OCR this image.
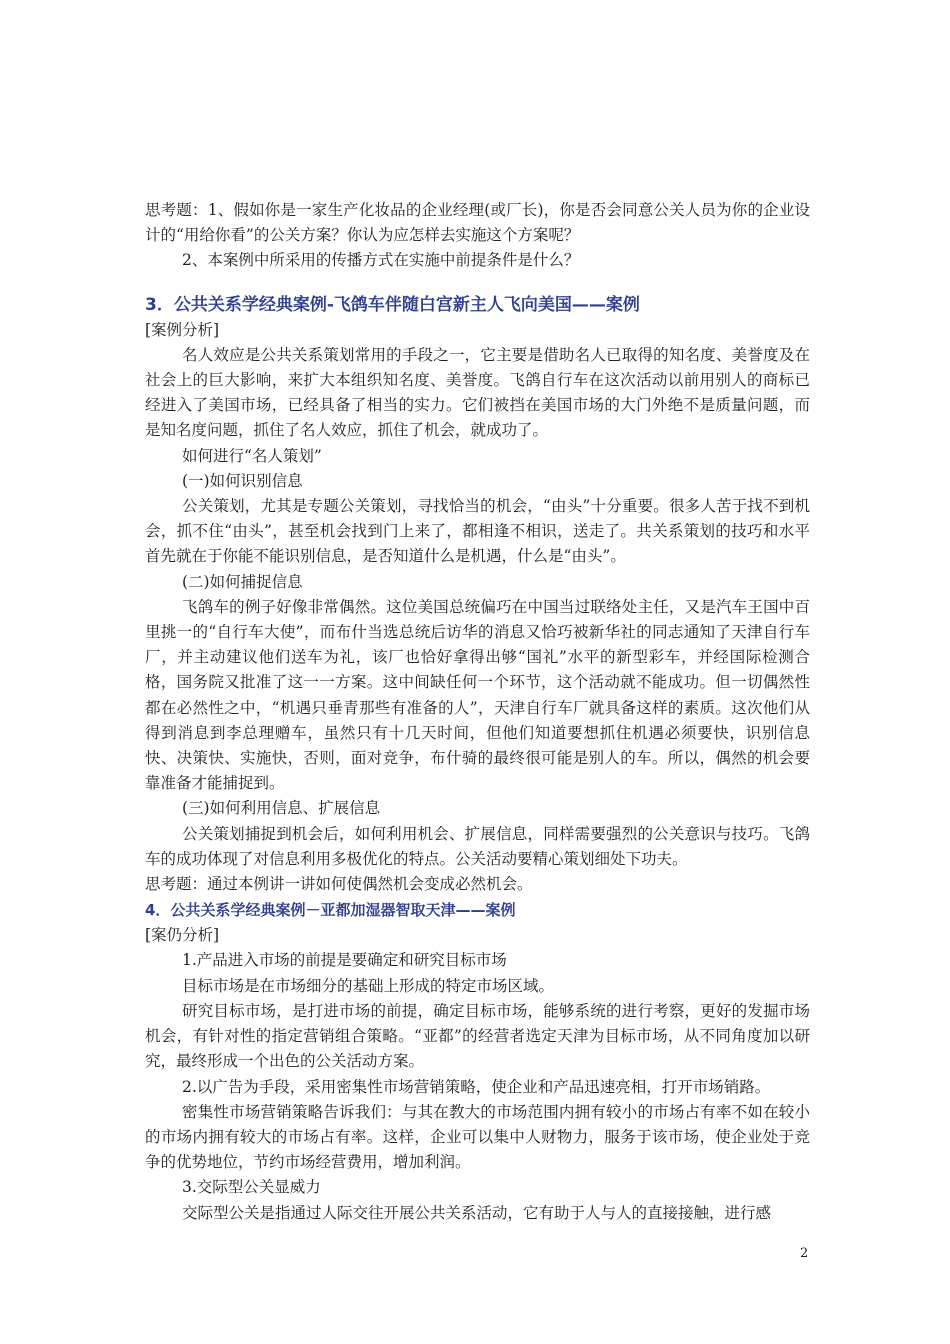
思考题：1、假如你是一家生产化妆品的企业经理(或厂长)，你是否会同意公关人员为你的企业设计的“用给你看”的公关方案？你认为应怎样去实施这个方案呢？

2、本案例中所采用的传播方式在实施中前提条件是什么？

3．公共关系学经典案例-飞鸽车伴随白宫新主人飞向美国——案例

[案例分析]

名人效应是公共关系策划常用的手段之一，它主要是借助名人已取得的知名度、美誉度及在社会上的巨大影响，来扩大本组织知名度、美誉度。飞鸽自行车在这次活动以前用别人的商标已经进入了美国市场，已经具备了相当的实力。它们被挡在美国市场的大门外绝不是质量问题，而是知名度问题，抓住了名人效应，抓住了机会，就成功了。

如何进行“名人策划”

(一)如何识别信息

公关策划，尤其是专题公关策划，寻找恰当的机会，“由头”十分重要。很多人苦于找不到机会，抓不住“由头”，甚至机会找到门上来了，都相逢不相识，送走了。共关系策划的技巧和水平首先就在于你能不能识别信息，是否知道什么是机遇，什么是“由头”。

(二)如何捕捉信息

飞鸽车的例子好像非常偶然。这位美国总统偏巧在中国当过联络处主任，又是汽车王国中百里挑一的“自行车大使”，而布什当选总统后访华的消息又恰巧被新华社的同志通知了天津自行车厂，并主动建议他们送车为礼，该厂也恰好拿得出够“国礼”水平的新型彩车，并经国际检测合格，国务院又批准了这一一方案。这中间缺任何一个环节，这个活动就不能成功。但一切偶然性都在必然性之中，“机遇只垂青那些有准备的人”，天津自行车厂就具备这样的素质。这次他们从得到消息到李总理赠车，虽然只有十几天时间，但他们知道要想抓住机遇必须要快，识别信息快、决策快、实施快，否则，面对竞争，布什骑的最终很可能是别人的车。所以，偶然的机会要靠准备才能捕捉到。

(三)如何利用信息、扩展信息

公关策划捕捉到机会后，如何利用机会、扩展信息，同样需要强烈的公关意识与技巧。飞鸽车的成功体现了对信息利用多极优化的特点。公关活动要精心策划细处下功夫。

思考题：通过本例讲一讲如何使偶然机会变成必然机会。

4．公共关系学经典案例－亚都加湿器智取天津——案例

[案仍分析]

1.产品进入市场的前提是要确定和研究目标市场

目标市场是在市场细分的基础上形成的特定市场区域。

研究目标市场，是打进市场的前提，确定目标市场，能够系统的进行考察，更好的发掘市场机会，有针对性的指定营销组合策略。“亚都”的经营者选定天津为目标市场，从不同角度加以研究，最终形成一个出色的公关活动方案。

2.以广告为手段，采用密集性市场营销策略，使企业和产品迅速亮相，打开市场销路。

密集性市场营销策略告诉我们：与其在教大的市场范围内拥有较小的市场占有率不如在较小的市场内拥有较大的市场占有率。这样，企业可以集中人财物力，服务于该市场，使企业处于竞争的优势地位，节约市场经营费用，增加利润。

3.交际型公关显威力

交际型公关是指通过人际交往开展公共关系活动，它有助于人与人的直接接触，进行感

2
